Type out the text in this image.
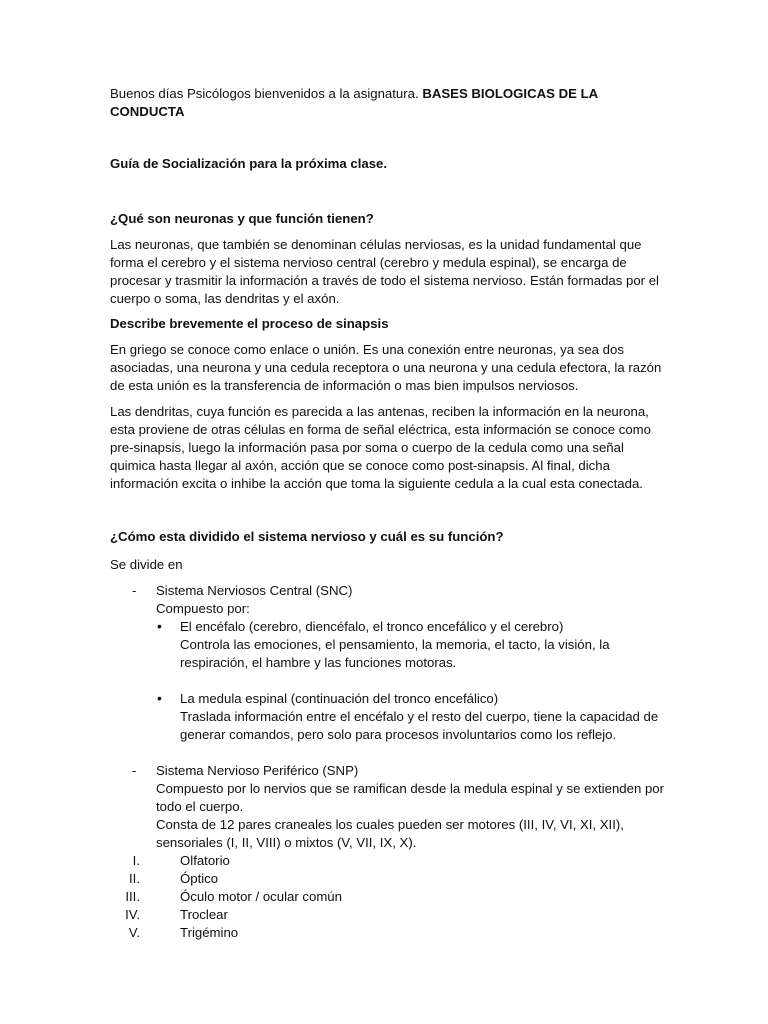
Buenos días Psicólogos bienvenidos a la asignatura. BASES BIOLOGICAS DE LA CONDUCTA

Guía de Socialización para la próxima clase.

¿Qué son neuronas y que función tienen?

Las neuronas, que también se denominan células nerviosas, es la unidad fundamental que
forma el cerebro y el sistema nervioso central (cerebro y medula espinal), se encarga de
procesar y trasmitir la información a través de todo el sistema nervioso. Están formadas por el
cuerpo o soma, las dendritas y el axón.

Describe brevemente el proceso de sinapsis

En griego se conoce como enlace o unión. Es una conexión entre neuronas, ya sea dos
asociadas, una neurona y una cedula receptora o una neurona y una cedula efectora, la razón
de esta unión es la transferencia de información o mas bien impulsos nerviosos.

Las dendritas, cuya función es parecida a las antenas, reciben la información en la neurona,
esta proviene de otras células en forma de señal eléctrica, esta información se conoce como
pre-sinapsis, luego la información pasa por soma o cuerpo de la cedula como una señal
quimica hasta llegar al axón, acción que se conoce como post-sinapsis. Al final, dicha
información excita o inhibe la acción que toma la siguiente cedula a la cual esta conectada.

¿Cómo esta dividido el sistema nervioso y cuál es su función?

Se divide en

- Sistema Nerviosos Central (SNC)
Compuesto por:
• El encéfalo (cerebro, diencéfalo, el tronco encefálico y el cerebro)
Controla las emociones, el pensamiento, la memoria, el tacto, la visión, la
respiración, el hambre y las funciones motoras.
• La medula espinal (continuación del tronco encefálico)
Traslada información entre el encéfalo y el resto del cuerpo, tiene la capacidad de
generar comandos, pero solo para procesos involuntarios como los reflejo.
- Sistema Nervioso Periférico (SNP)
Compuesto por lo nervios que se ramifican desde la medula espinal y se extienden por
todo el cuerpo.
Consta de 12 pares craneales los cuales pueden ser motores (III, IV, VI, XI, XII),
sensoriales (I, II, VIII) o mixtos (V, VII, IX, X).
I.	Olfatorio
II.	Óptico
III.	Óculo motor / ocular común
IV.	Troclear
V.	Trigémino
